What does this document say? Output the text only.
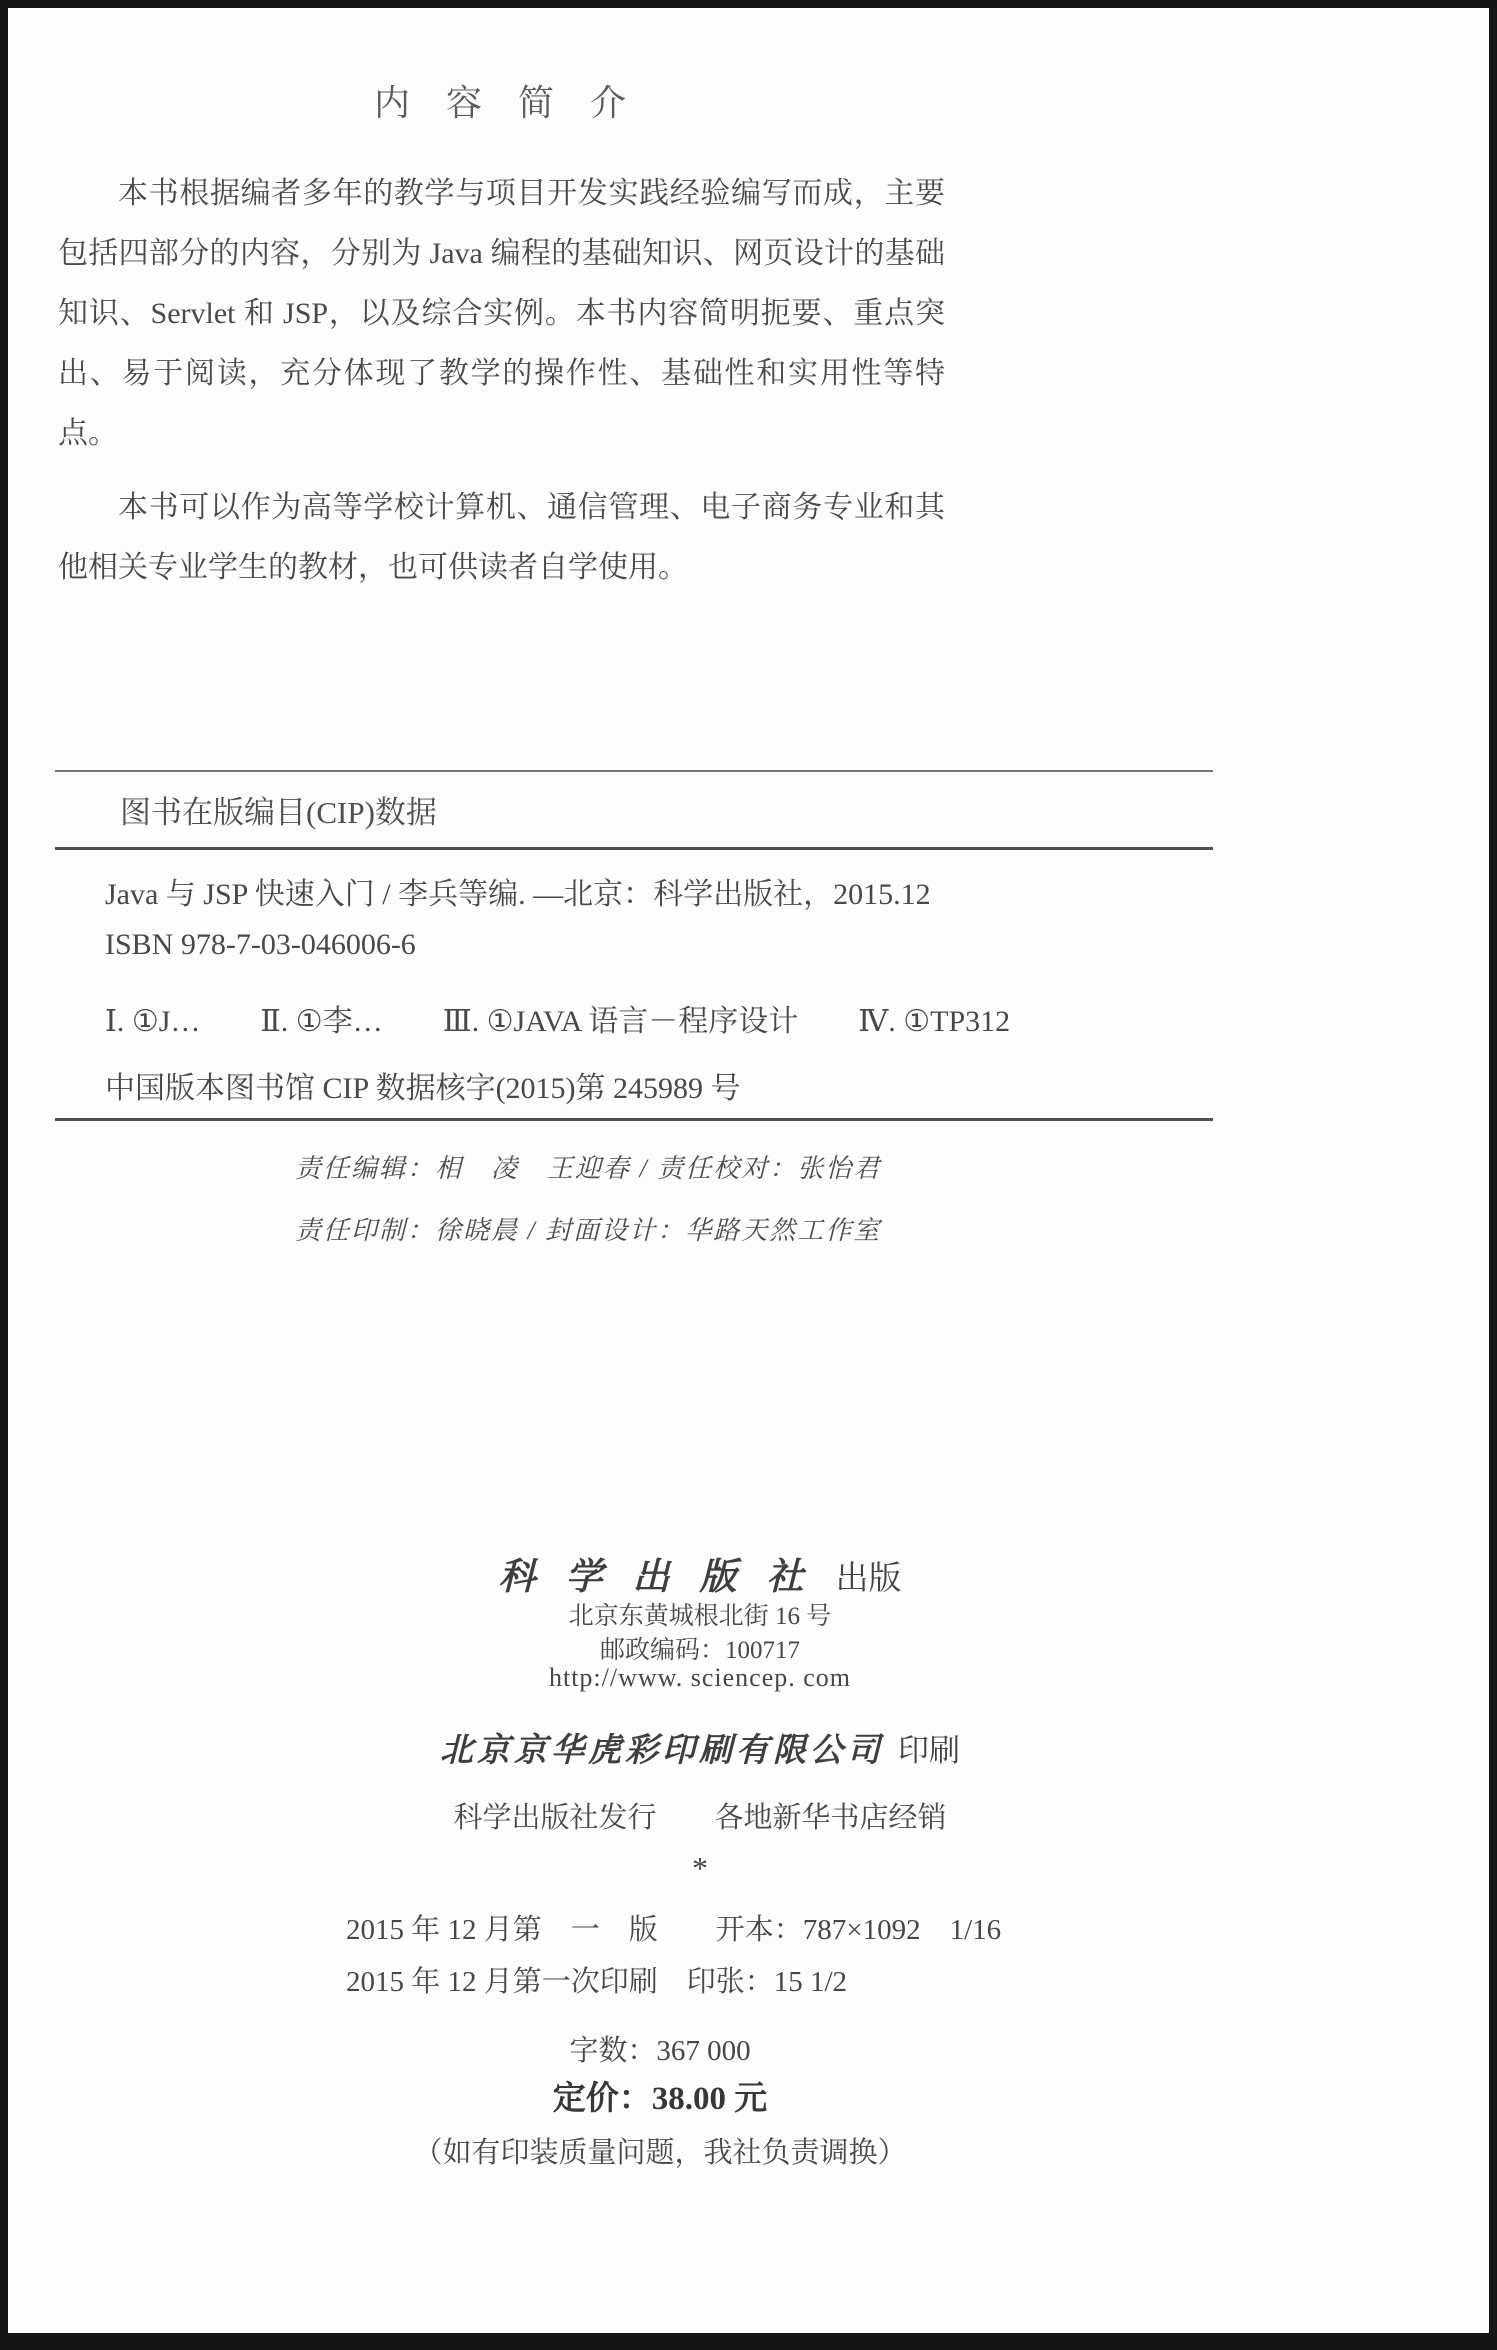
内　容　简　介

本书根据编者多年的教学与项目开发实践经验编写而成，主要包括四部分的内容，分别为 Java 编程的基础知识、网页设计的基础知识、Servlet 和 JSP，以及综合实例。本书内容简明扼要、重点突出、易于阅读，充分体现了教学的操作性、基础性和实用性等特点。

本书可以作为高等学校计算机、通信管理、电子商务专业和其他相关专业学生的教材，也可供读者自学使用。

图书在版编目(CIP)数据
Java 与 JSP 快速入门 / 李兵等编. —北京：科学出版社，2015.12
ISBN 978-7-03-046006-6
Ⅰ. ①J…　　Ⅱ. ①李…　　Ⅲ. ①JAVA 语言－程序设计　　Ⅳ. ①TP312
中国版本图书馆 CIP 数据核字(2015)第 245989 号
责任编辑：相　凌　王迎春 / 责任校对：张怡君
责任印制：徐晓晨 / 封面设计：华路天然工作室
科学出版社出版
北京东黄城根北街 16 号
邮政编码：100717
http://www. sciencep. com
北京京华虎彩印刷有限公司 印刷
科学出版社发行　　各地新华书店经销
*
2015 年 12 月第　一　版　　开本：787×1092　1/16
2015 年 12 月第一次印刷　印张：15 1/2
字数：367 000
定价：38.00 元
（如有印装质量问题，我社负责调换）
